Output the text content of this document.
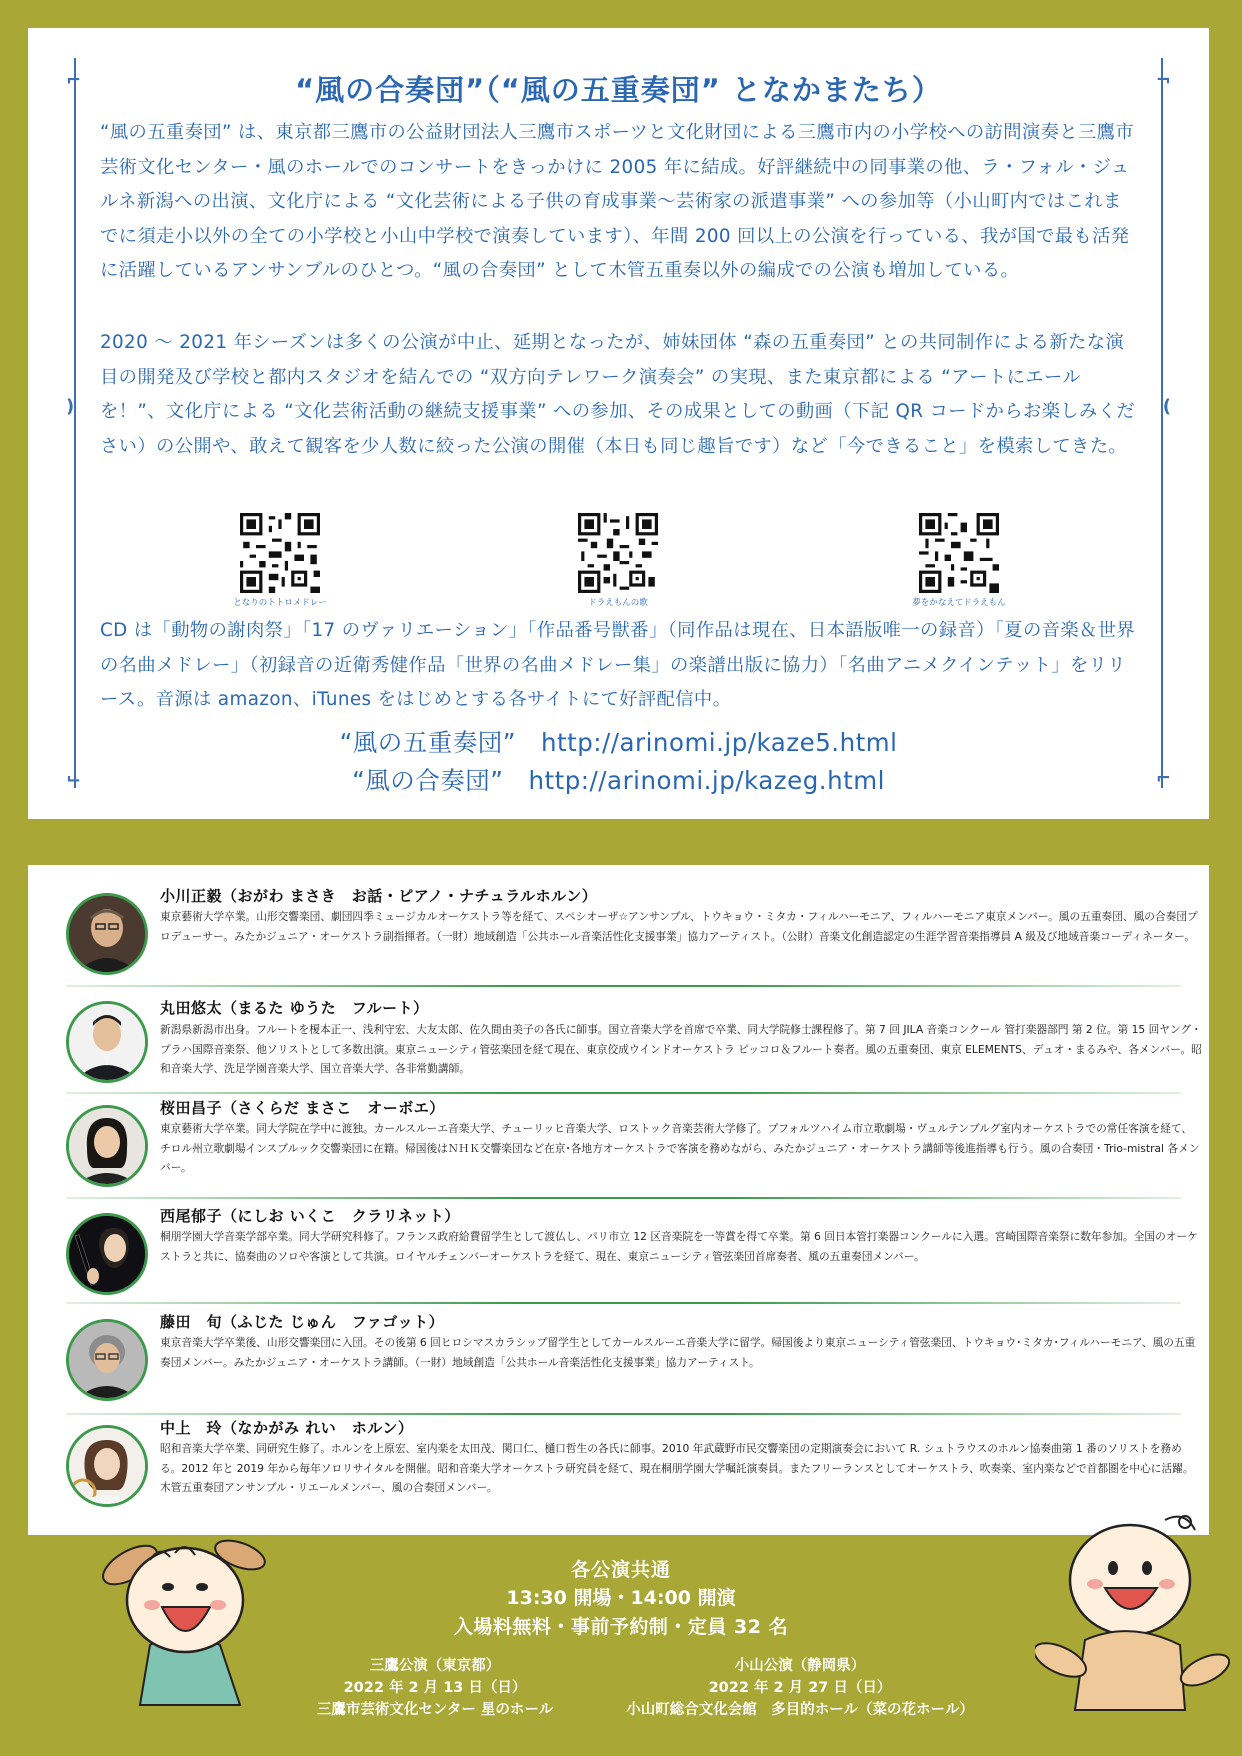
⌐	¬
)	(
⌙	⌐
“風の合奏団”（“風の五重奏団” となかまたち）

“風の五重奏団” は、東京都三鷹市の公益財団法人三鷹市スポーツと文化財団による三鷹市内の小学校への訪問演奏と三鷹市芸術文化センター・風のホールでのコンサートをきっかけに 2005 年に結成。好評継続中の同事業の他、ラ・フォル・ジュルネ新潟への出演、文化庁による “文化芸術による子供の育成事業～芸術家の派遣事業” への参加等（小山町内ではこれまでに須走小以外の全ての小学校と小山中学校で演奏しています）、年間 200 回以上の公演を行っている、我が国で最も活発に活躍しているアンサンブルのひとつ。“風の合奏団” として木管五重奏以外の編成での公演も増加している。

2020 ～ 2021 年シーズンは多くの公演が中止、延期となったが、姉妹団体 “森の五重奏団” との共同制作による新たな演目の開発及び学校と都内スタジオを結んでの “双方向テレワーク演奏会” の実現、また東京都による “アートにエールを！”、文化庁による “文化芸術活動の継続支援事業” への参加、その成果としての動画（下記 QR コードからお楽しみください）の公開や、敢えて観客を少人数に絞った公演の開催（本日も同じ趣旨です）など「今できること」を模索してきた。

となりのトトロメドレー	ドラえもんの歌	夢をかなえてドラえもん

CD は「動物の謝肉祭」「17 のヴァリエーション」「作品番号獣番」（同作品は現在、日本語版唯一の録音）「夏の音楽＆世界の名曲メドレー」（初録音の近衛秀健作品「世界の名曲メドレー集」の楽譜出版に協力）「名曲アニメクインテット」をリリース。音源は amazon、iTunes をはじめとする各サイトにて好評配信中。

“風の五重奏団”　http://arinomi.jp/kaze5.html
“風の合奏団”　http://arinomi.jp/kazeg.html
小川正毅（おがわ まさき　お話・ピアノ・ナチュラルホルン）
東京藝術大学卒業。山形交響楽団、劇団四季ミュージカルオーケストラ等を経て、スペシオーザ☆アンサンブル、トウキョウ・ミタカ・フィルハーモニア、フィルハーモニア東京メンバー。風の五重奏団、風の合奏団プロデューサー。みたかジュニア・オーケストラ副指揮者。（一財）地域創造「公共ホール音楽活性化支援事業」協力アーティスト。（公財）音楽文化創造認定の生涯学習音楽指導員 A 級及び地域音楽コーディネーター。
丸田悠太（まるた ゆうた　フルート）
新潟県新潟市出身。フルートを榎本正一、浅利守宏、大友太郎、佐久間由美子の各氏に師事。国立音楽大学を首席で卒業、同大学院修士課程修了。第 7 回 JILA 音楽コンクール 管打楽器部門 第 2 位。第 15 回ヤング・プラハ国際音楽祭、他ソリストとして多数出演。東京ニューシティ管弦楽団を経て現在、東京佼成ウインドオーケストラ ピッコロ＆フルート奏者。風の五重奏団、東京 ELEMENTS、デュオ・まるみや、各メンバー。昭和音楽大学、洗足学園音楽大学、国立音楽大学、各非常勤講師。
桜田昌子（さくらだ まさこ　オーボエ）
東京藝術大学卒業。同大学院在学中に渡独。カールスルーエ音楽大学、チューリッヒ音楽大学、ロストック音楽芸術大学修了。プフォルツハイム市立歌劇場・ヴュルテンブルグ室内オーケストラでの常任客演を経て、チロル州立歌劇場インスブルック交響楽団に在籍。帰国後はＮＨＫ交響楽団など在京･各地方オーケストラで客演を務めながら、みたかジュニア・オーケストラ講師等後進指導も行う。風の合奏団・Trio-mistral 各メンバー。
西尾郁子（にしお いくこ　クラリネット）
桐朋学園大学音楽学部卒業。同大学研究科修了。フランス政府給費留学生として渡仏し、パリ市立 12 区音楽院を一等賞を得て卒業。第 6 回日本管打楽器コンクールに入選。宮崎国際音楽祭に数年参加。全国のオーケストラと共に、協奏曲のソロや客演として共演。ロイヤルチェンバーオーケストラを経て、現在、東京ニューシティ管弦楽団首席奏者、風の五重奏団メンバー。
藤田　旬（ふじた じゅん　ファゴット）
東京音楽大学卒業後、山形交響楽団に入団。その後第 6 回ヒロシマスカラシップ留学生としてカールスルーエ音楽大学に留学。帰国後より東京ニューシティ管弦楽団、トウキョウ･ミタカ･フィルハーモニア、風の五重奏団メンバー。みたかジュニア・オーケストラ講師。（一財）地域創造「公共ホール音楽活性化支援事業」協力アーティスト。
中上　玲（なかがみ れい　ホルン）
昭和音楽大学卒業、同研究生修了。ホルンを上原宏、室内楽を太田茂、関口仁、樋口哲生の各氏に師事。2010 年武蔵野市民交響楽団の定期演奏会において R. シュトラウスのホルン協奏曲第 1 番のソリストを務める。2012 年と 2019 年から毎年ソロリサイタルを開催。昭和音楽大学オーケストラ研究員を経て、現在桐朋学園大学嘱託演奏員。またフリーランスとしてオーケストラ、吹奏楽、室内楽などで首都圏を中心に活躍。木管五重奏団アンサンブル・リエールメンバー、風の合奏団メンバー。
各公演共通
13:30 開場・14:00 開演
入場料無料・事前予約制・定員 32 名
三鷹公演（東京都）
2022 年 2 月 13 日（日）
三鷹市芸術文化センター 星のホール
小山公演（静岡県）
2022 年 2 月 27 日（日）
小山町総合文化会館　多目的ホール（菜の花ホール）
